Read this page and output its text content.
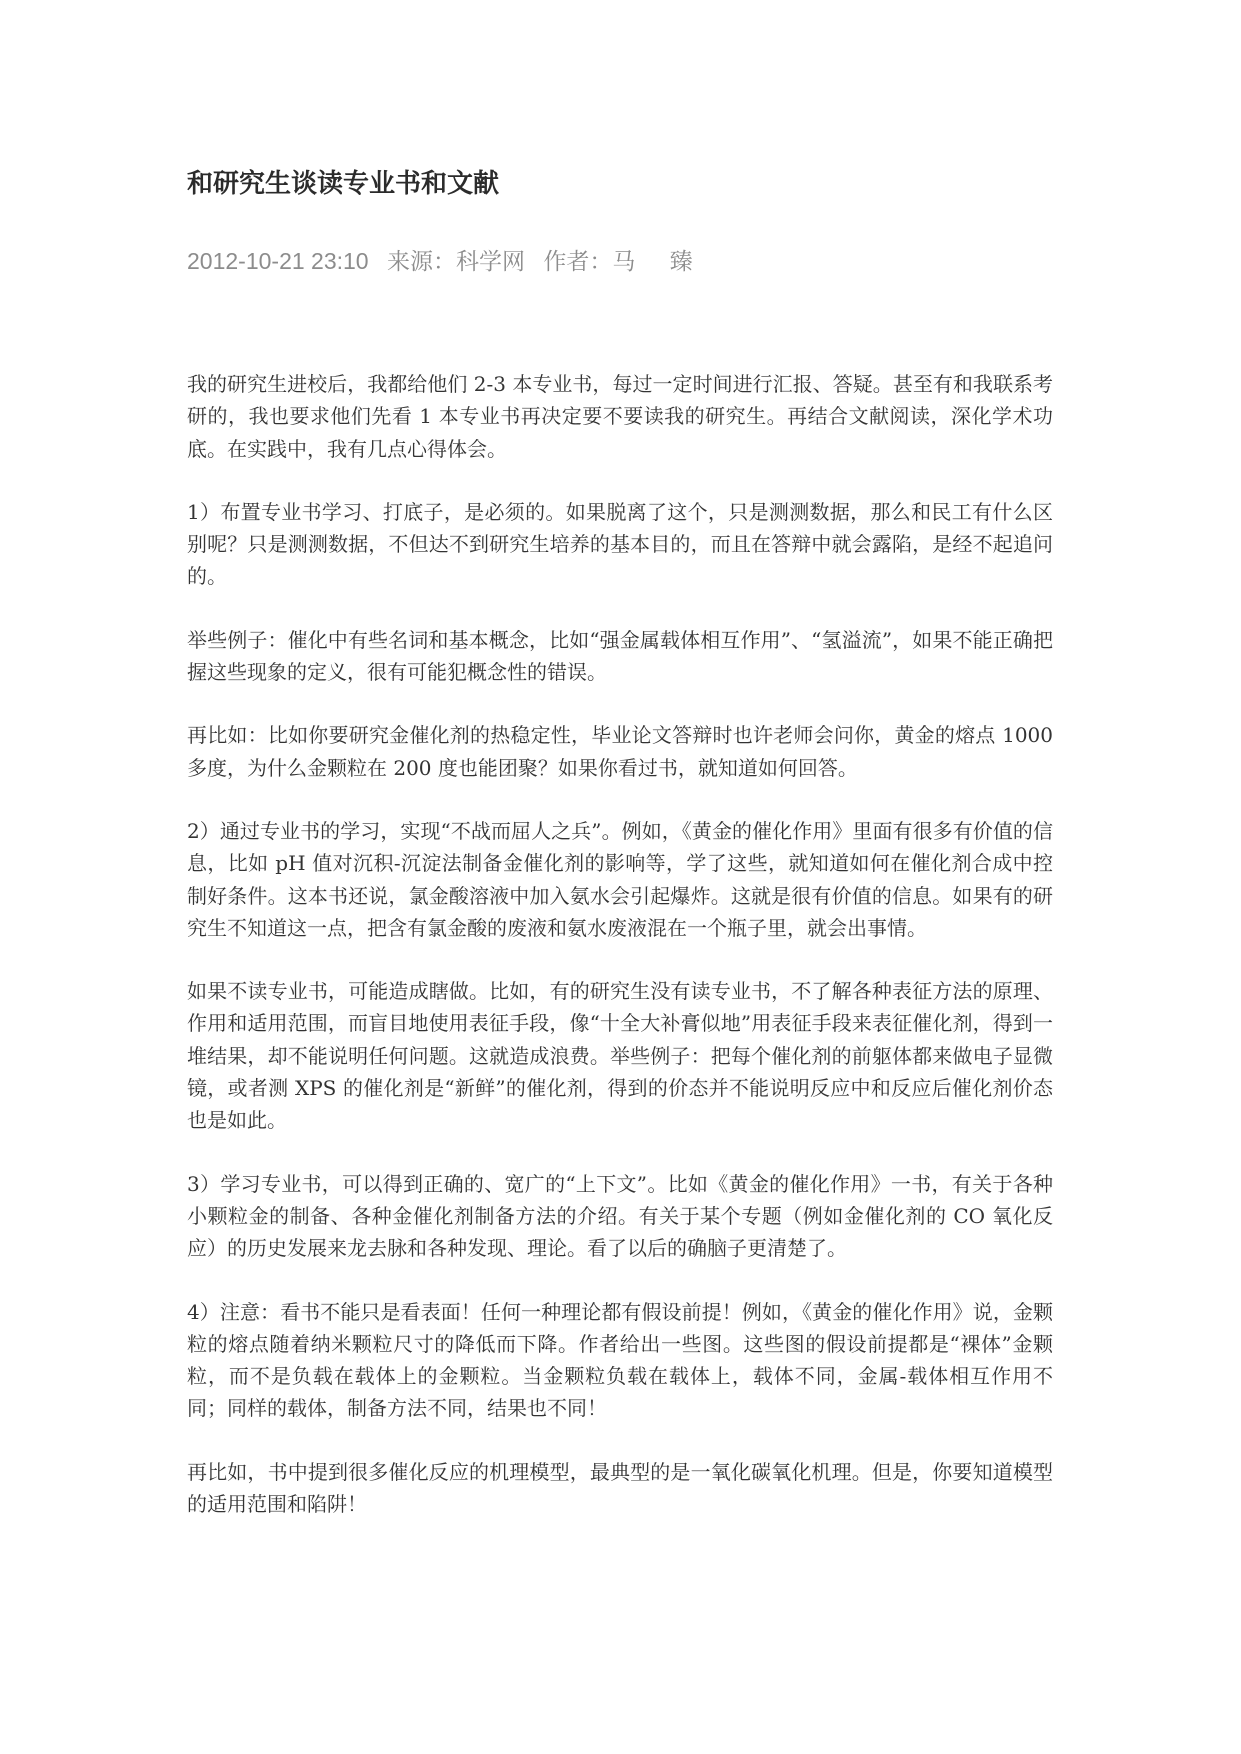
和研究生谈读专业书和文献
2012-10-21 23:10 来源：科学网 作者：马 臻

我的研究生进校后，我都给他们 2-3 本专业书，每过一定时间进行汇报、答疑。甚至有和我联系考研的，我也要求他们先看 1 本专业书再决定要不要读我的研究生。再结合文献阅读，深化学术功底。在实践中，我有几点心得体会。

1）布置专业书学习、打底子，是必须的。如果脱离了这个，只是测测数据，那么和民工有什么区别呢？只是测测数据，不但达不到研究生培养的基本目的，而且在答辩中就会露陷，是经不起追问的。

举些例子：催化中有些名词和基本概念，比如“强金属载体相互作用”、“氢溢流”，如果不能正确把握这些现象的定义，很有可能犯概念性的错误。

再比如：比如你要研究金催化剂的热稳定性，毕业论文答辩时也许老师会问你，黄金的熔点 1000 多度，为什么金颗粒在 200 度也能团聚？如果你看过书，就知道如何回答。

2）通过专业书的学习，实现“不战而屈人之兵”。例如，《黄金的催化作用》里面有很多有价值的信息，比如 pH 值对沉积-沉淀法制备金催化剂的影响等，学了这些，就知道如何在催化剂合成中控制好条件。这本书还说，氯金酸溶液中加入氨水会引起爆炸。这就是很有价值的信息。如果有的研究生不知道这一点，把含有氯金酸的废液和氨水废液混在一个瓶子里，就会出事情。

如果不读专业书，可能造成瞎做。比如，有的研究生没有读专业书，不了解各种表征方法的原理、作用和适用范围，而盲目地使用表征手段，像“十全大补膏似地”用表征手段来表征催化剂，得到一堆结果，却不能说明任何问题。这就造成浪费。举些例子：把每个催化剂的前躯体都来做电子显微镜，或者测 XPS 的催化剂是“新鲜”的催化剂，得到的价态并不能说明反应中和反应后催化剂价态也是如此。

3）学习专业书，可以得到正确的、宽广的“上下文”。比如《黄金的催化作用》一书，有关于各种小颗粒金的制备、各种金催化剂制备方法的介绍。有关于某个专题（例如金催化剂的 CO 氧化反应）的历史发展来龙去脉和各种发现、理论。看了以后的确脑子更清楚了。

4）注意：看书不能只是看表面！任何一种理论都有假设前提！例如，《黄金的催化作用》说，金颗粒的熔点随着纳米颗粒尺寸的降低而下降。作者给出一些图。这些图的假设前提都是“裸体”金颗粒，而不是负载在载体上的金颗粒。当金颗粒负载在载体上，载体不同，金属-载体相互作用不同；同样的载体，制备方法不同，结果也不同！

再比如，书中提到很多催化反应的机理模型，最典型的是一氧化碳氧化机理。但是，你要知道模型的适用范围和陷阱！
